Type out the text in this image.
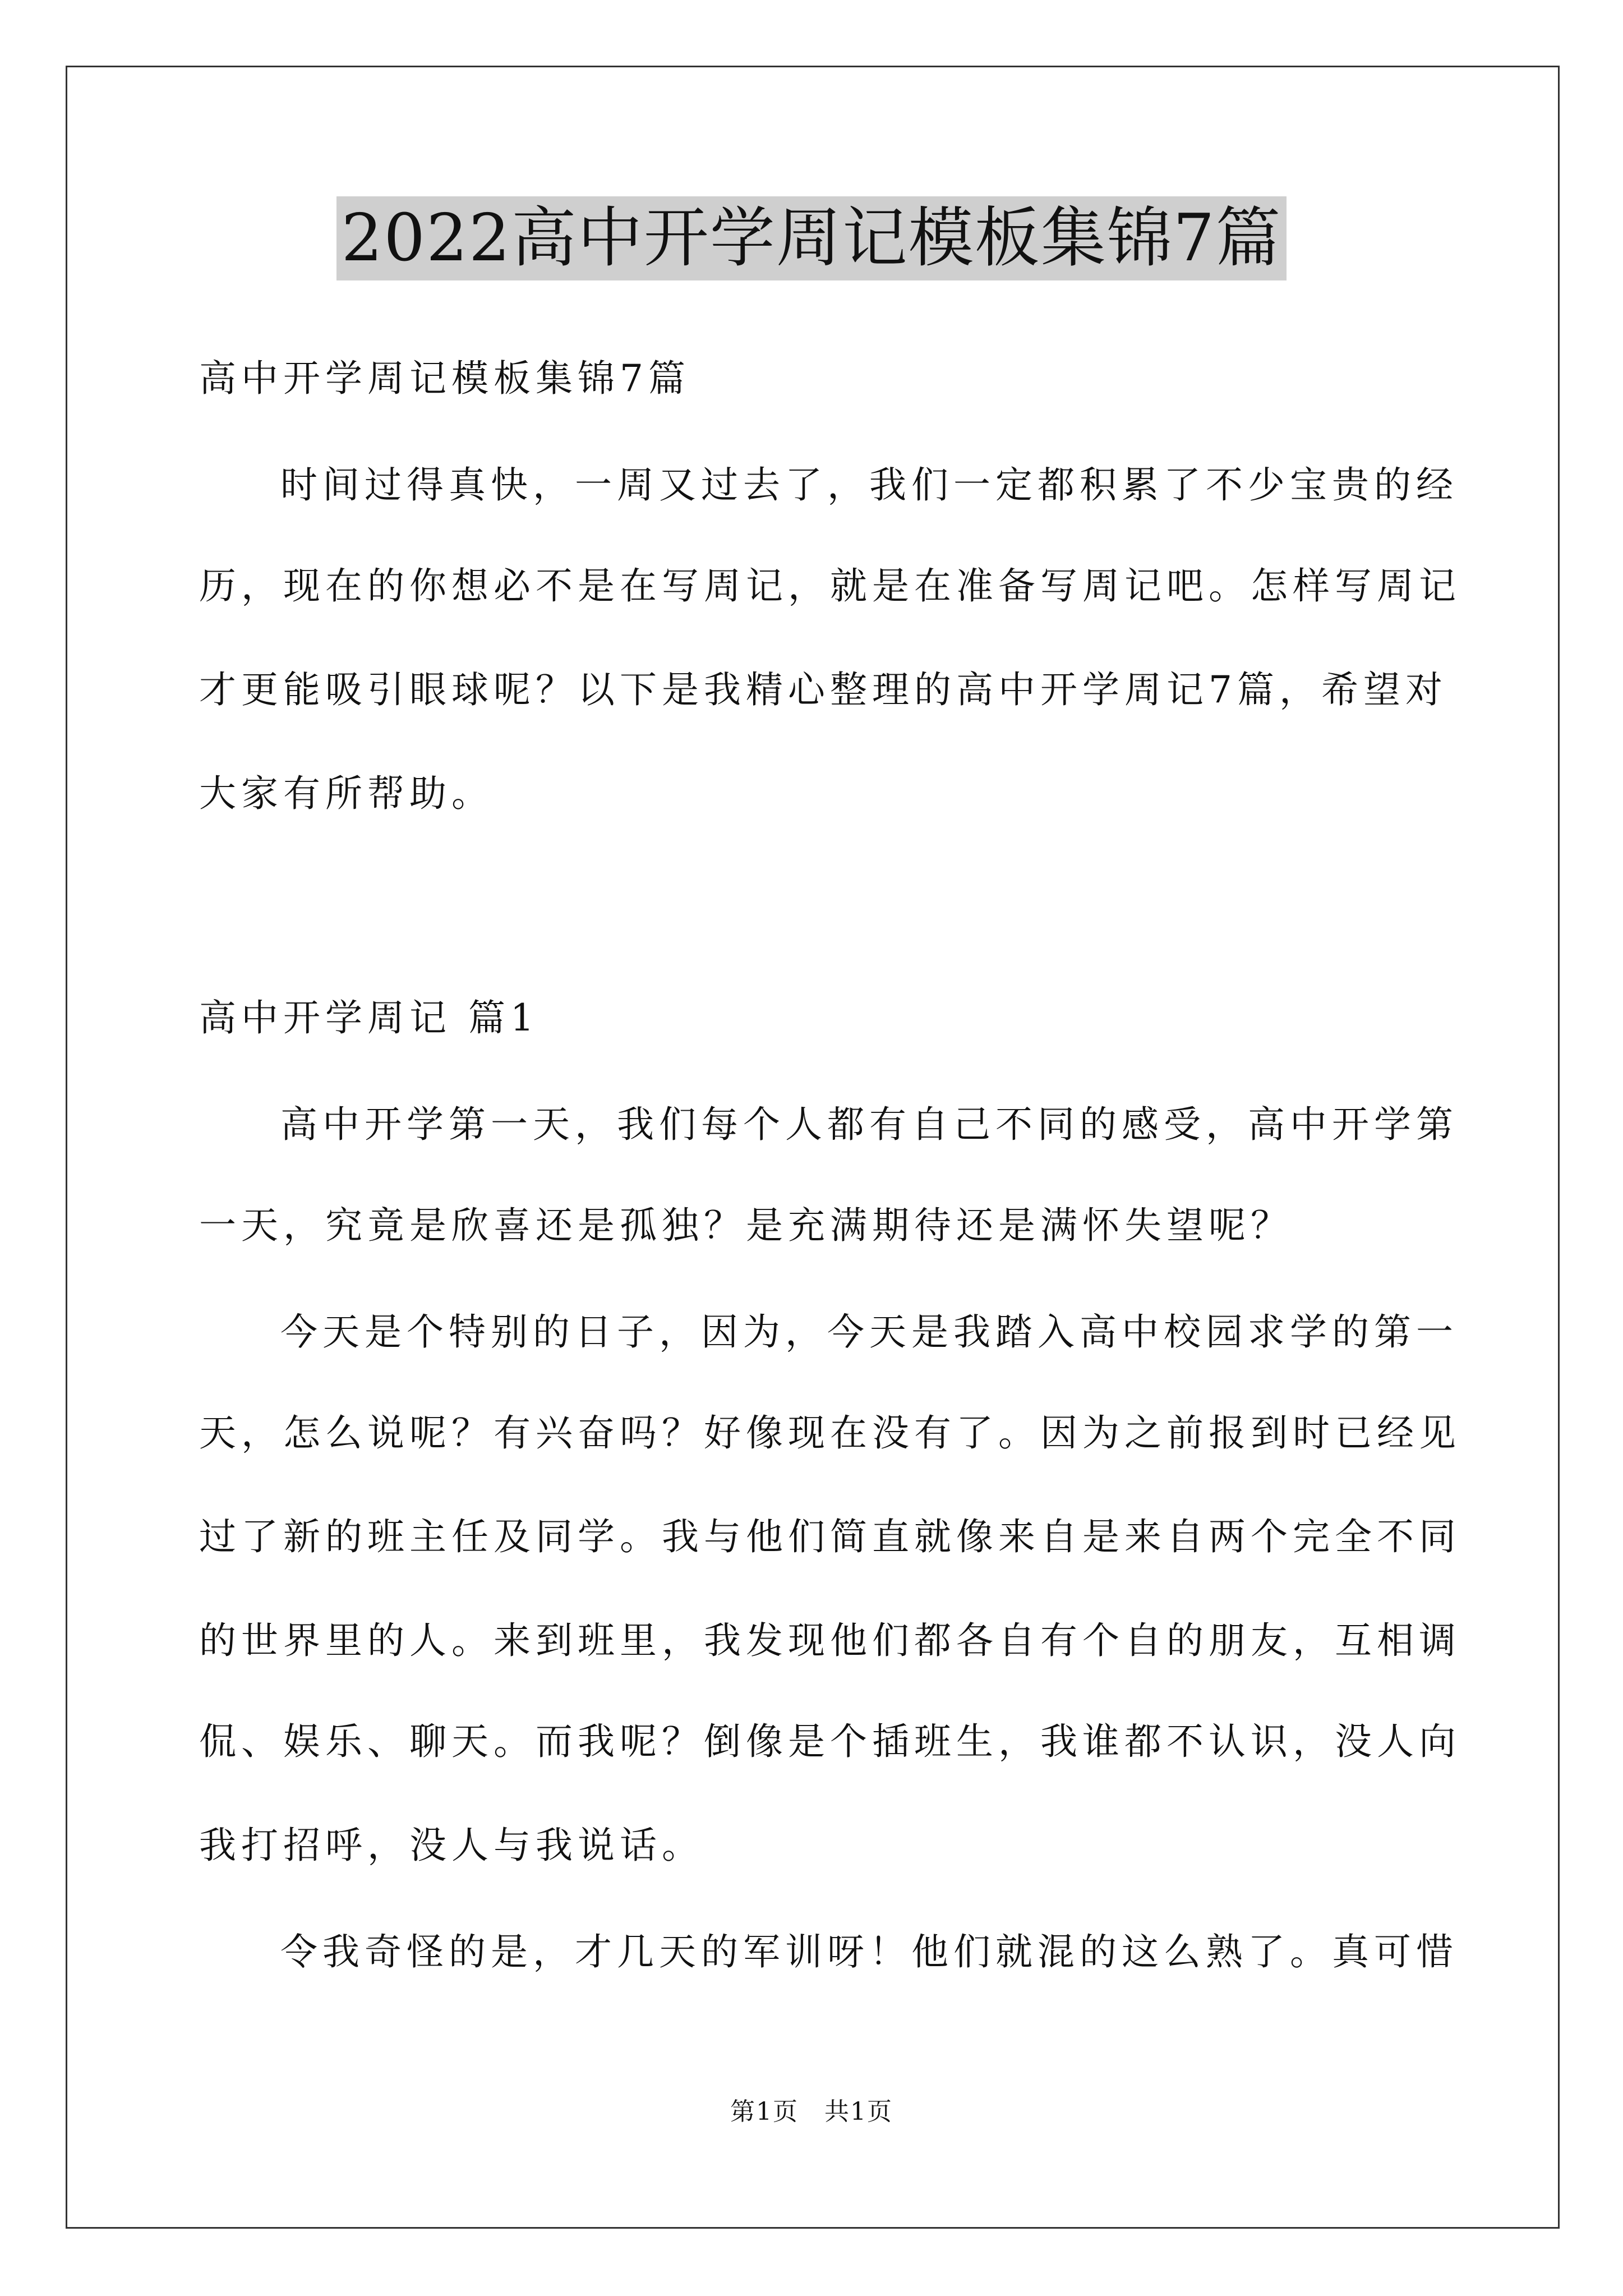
2022高中开学周记模板集锦7篇
高中开学周记模板集锦7篇
时间过得真快，一周又过去了，我们一定都积累了不少宝贵的经
历，现在的你想必不是在写周记，就是在准备写周记吧。怎样写周记
才更能吸引眼球呢？以下是我精心整理的高中开学周记7篇，希望对
大家有所帮助。
高中开学周记 篇1
高中开学第一天，我们每个人都有自己不同的感受，高中开学第
一天，究竟是欣喜还是孤独？是充满期待还是满怀失望呢？
今天是个特别的日子，因为，今天是我踏入高中校园求学的第一
天，怎么说呢？有兴奋吗？好像现在没有了。因为之前报到时已经见
过了新的班主任及同学。我与他们简直就像来自是来自两个完全不同
的世界里的人。来到班里，我发现他们都各自有个自的朋友，互相调
侃、娱乐、聊天。而我呢？倒像是个插班生，我谁都不认识，没人向
我打招呼，没人与我说话。
令我奇怪的是，才几天的军训呀！他们就混的这么熟了。真可惜
第1页　共1页
